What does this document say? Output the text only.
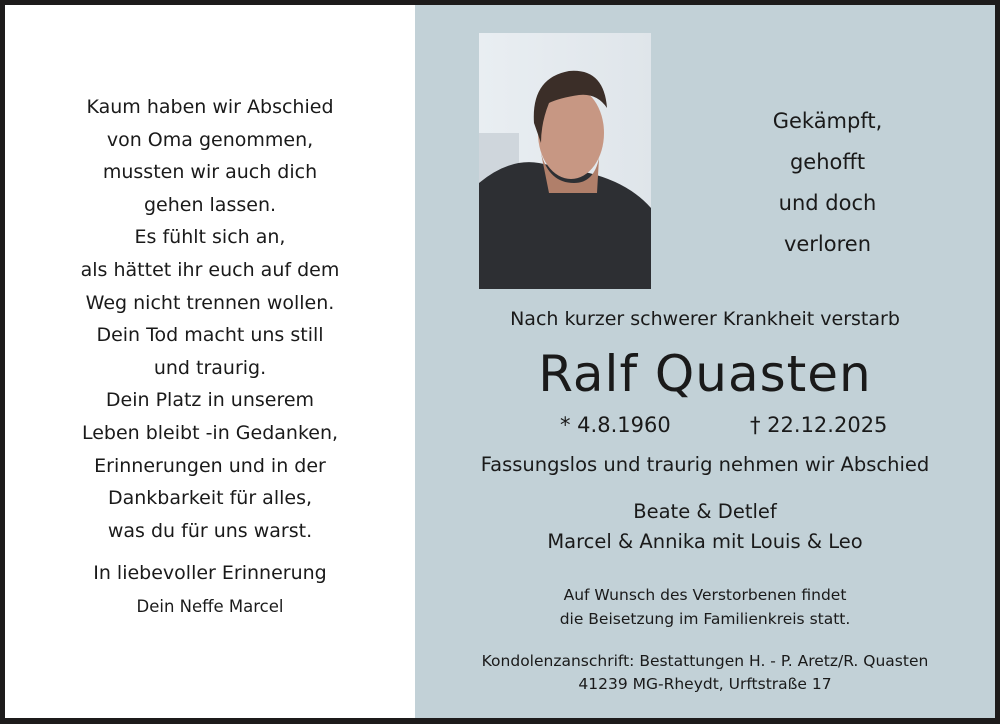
Kaum haben wir Abschied
von Oma genommen,
mussten wir auch dich
gehen lassen.
Es fühlt sich an,
als hättet ihr euch auf dem
Weg nicht trennen wollen.
Dein Tod macht uns still
und traurig.
Dein Platz in unserem
Leben bleibt -in Gedanken,
Erinnerungen und in der
Dankbarkeit für alles,
was du für uns warst.
In liebevoller Erinnerung
Dein Neffe Marcel
Gekämpft,
gehofft
und doch
verloren
Nach kurzer schwerer Krankheit verstarb
Ralf Quasten
* 4.8.1960	† 22.12.2025
Fassungslos und traurig nehmen wir Abschied
Beate & Detlef
Marcel & Annika mit Louis & Leo
Auf Wunsch des Verstorbenen findet
die Beisetzung im Familienkreis statt.
Kondolenzanschrift: Bestattungen H. - P. Aretz/R. Quasten
41239 MG-Rheydt, Urftstraße 17
